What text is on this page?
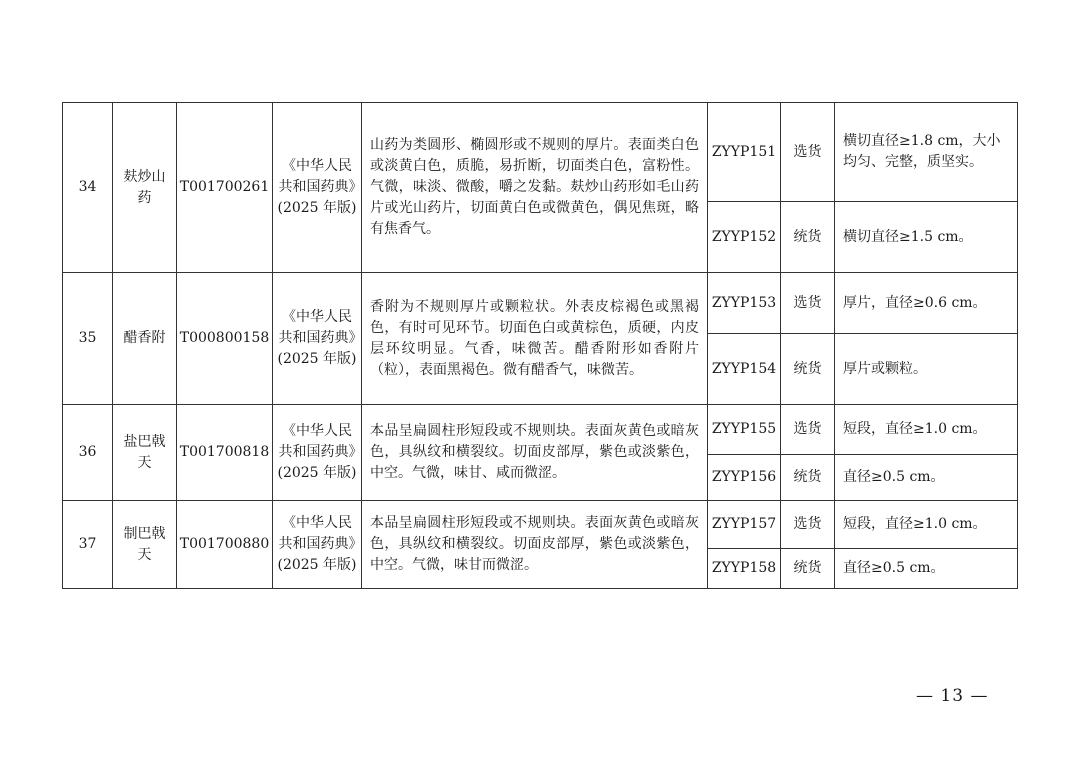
34	麸炒山药	T001700261	《中华人民共和国药典》(2025 年版)	山药为类圆形、椭圆形或不规则的厚片。表面类白色或淡黄白色，质脆，易折断，切面类白色，富粉性。气微，味淡、微酸，嚼之发黏。麸炒山药形如毛山药片或光山药片，切面黄白色或微黄色，偶见焦斑，略有焦香气。	ZYYP151	选货	横切直径≥1.8 cm，大小均匀、完整，质坚实。
					ZYYP152	统货	横切直径≥1.5 cm。
35	醋香附	T000800158	《中华人民共和国药典》(2025 年版)	香附为不规则厚片或颗粒状。外表皮棕褐色或黑褐色，有时可见环节。切面色白或黄棕色，质硬，内皮层环纹明显。气香，味微苦。醋香附形如香附片（粒），表面黑褐色。微有醋香气，味微苦。	ZYYP153	选货	厚片，直径≥0.6 cm。
					ZYYP154	统货	厚片或颗粒。
36	盐巴戟天	T001700818	《中华人民共和国药典》(2025 年版)	本品呈扁圆柱形短段或不规则块。表面灰黄色或暗灰色，具纵纹和横裂纹。切面皮部厚，紫色或淡紫色，中空。气微，味甘、咸而微涩。	ZYYP155	选货	短段，直径≥1.0 cm。
					ZYYP156	统货	直径≥0.5 cm。
37	制巴戟天	T001700880	《中华人民共和国药典》(2025 年版)	本品呈扁圆柱形短段或不规则块。表面灰黄色或暗灰色，具纵纹和横裂纹。切面皮部厚，紫色或淡紫色，中空。气微，味甘而微涩。	ZYYP157	选货	短段，直径≥1.0 cm。
					ZYYP158	统货	直径≥0.5 cm。
— 13 —
